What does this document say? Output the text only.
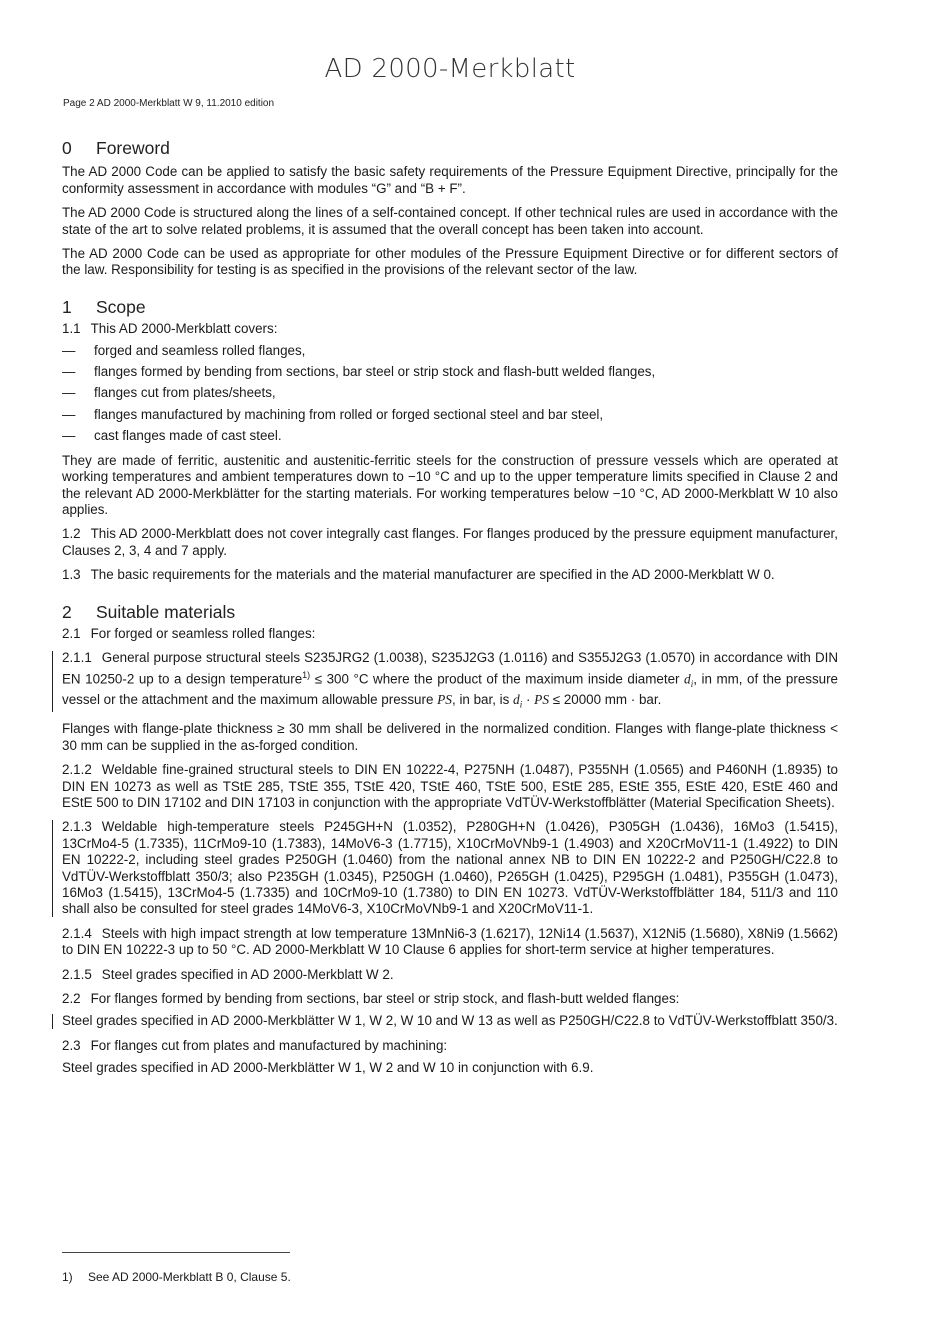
AD 2000-Merkblatt
Page 2 AD 2000-Merkblatt W 9, 11.2010 edition
0 Foreword

The AD 2000 Code can be applied to satisfy the basic safety requirements of the Pressure Equipment Directive, principally for the conformity assessment in accordance with modules “G” and “B + F”.

The AD 2000 Code is structured along the lines of a self-contained concept. If other technical rules are used in accordance with the state of the art to solve related problems, it is assumed that the overall concept has been taken into account.

The AD 2000 Code can be used as appropriate for other modules of the Pressure Equipment Directive or for different sectors of the law. Responsibility for testing is as specified in the provisions of the relevant sector of the law.

1 Scope

1.1 This AD 2000-Merkblatt covers:

— forged and seamless rolled flanges,
— flanges formed by bending from sections, bar steel or strip stock and flash-butt welded flanges,
— flanges cut from plates/sheets,
— flanges manufactured by machining from rolled or forged sectional steel and bar steel,
— cast flanges made of cast steel.

They are made of ferritic, austenitic and austenitic-ferritic steels for the construction of pressure vessels which are operated at working temperatures and ambient temperatures down to −10 °C and up to the upper temperature limits specified in Clause 2 and the relevant AD 2000-Merkblätter for the starting materials. For working temperatures below −10 °C, AD 2000-Merkblatt W 10 also applies.

1.2 This AD 2000-Merkblatt does not cover integrally cast flanges. For flanges produced by the pressure equipment manufacturer, Clauses 2, 3, 4 and 7 apply.

1.3 The basic requirements for the materials and the material manufacturer are specified in the AD 2000-Merkblatt W 0.

2 Suitable materials

2.1 For forged or seamless rolled flanges:

2.1.1 General purpose structural steels S235JRG2 (1.0038), S235J2G3 (1.0116) and S355J2G3 (1.0570) in accordance with DIN EN 10250-2 up to a design temperature$^{1)}$ ≤ 300 °C where the product of the maximum inside diameter $d_i$, in mm, of the pressure vessel or the attachment and the maximum allowable pressure PS, in bar, is $d_i$ · PS ≤ 20000 mm · bar.

Flanges with flange-plate thickness ≥ 30 mm shall be delivered in the normalized condition. Flanges with flange-plate thickness < 30 mm can be supplied in the as-forged condition.

2.1.2 Weldable fine-grained structural steels to DIN EN 10222-4, P275NH (1.0487), P355NH (1.0565) and P460NH (1.8935) to DIN EN 10273 as well as TStE 285, TStE 355, TStE 420, TStE 460, TStE 500, EStE 285, EStE 355, EStE 420, EStE 460 and EStE 500 to DIN 17102 and DIN 17103 in conjunction with the appropriate VdTÜV-Werkstoffblätter (Material Specification Sheets).

2.1.3 Weldable high-temperature steels P245GH+N (1.0352), P280GH+N (1.0426), P305GH (1.0436), 16Mo3 (1.5415), 13CrMo4-5 (1.7335), 11CrMo9-10 (1.7383), 14MoV6-3 (1.7715), X10CrMoVNb9-1 (1.4903) and X20CrMoV11-1 (1.4922) to DIN EN 10222-2, including steel grades P250GH (1.0460) from the national annex NB to DIN EN 10222-2 and P250GH/C22.8 to VdTÜV-Werkstoffblatt 350/3; also P235GH (1.0345), P250GH (1.0460), P265GH (1.0425), P295GH (1.0481), P355GH (1.0473), 16Mo3 (1.5415), 13CrMo4-5 (1.7335) and 10CrMo9-10 (1.7380) to DIN EN 10273. VdTÜV-Werkstoffblätter 184, 511/3 and 110 shall also be consulted for steel grades 14MoV6-3, X10CrMoVNb9-1 and X20CrMoV11-1.

2.1.4 Steels with high impact strength at low temperature 13MnNi6-3 (1.6217), 12Ni14 (1.5637), X12Ni5 (1.5680), X8Ni9 (1.5662) to DIN EN 10222-3 up to 50 °C. AD 2000-Merkblatt W 10 Clause 6 applies for short-term service at higher temperatures.

2.1.5 Steel grades specified in AD 2000-Merkblatt W 2.

2.2 For flanges formed by bending from sections, bar steel or strip stock, and flash-butt welded flanges:

Steel grades specified in AD 2000-Merkblätter W 1, W 2, W 10 and W 13 as well as P250GH/C22.8 to VdTÜV-Werkstoffblatt 350/3.

2.3 For flanges cut from plates and manufactured by machining:

Steel grades specified in AD 2000-Merkblätter W 1, W 2 and W 10 in conjunction with 6.9.

1) See AD 2000-Merkblatt B 0, Clause 5.
